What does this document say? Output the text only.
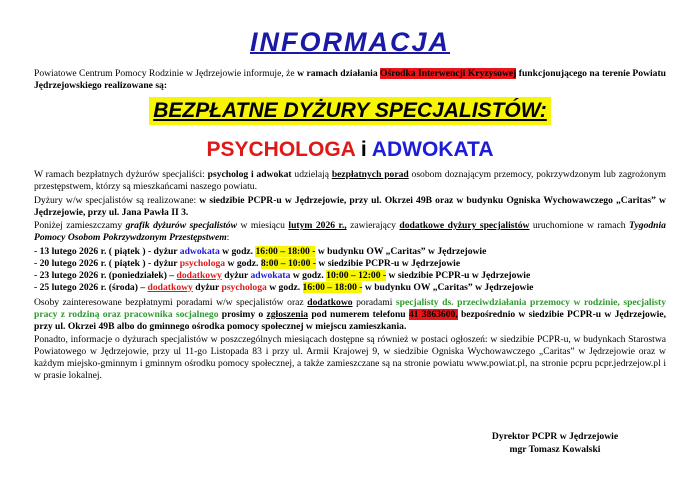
INFORMACJA
Powiatowe Centrum Pomocy Rodzinie w Jędrzejowie informuje, że w ramach działania Ośrodka Interwencji Kryzysowej funkcjonującego na terenie Powiatu Jędrzejowskiego realizowane są:
BEZPŁATNE DYŻURY SPECJALISTÓW:
PSYCHOLOGA i ADWOKATA
W ramach bezpłatnych dyżurów specjaliści: psycholog i adwokat udzielają bezpłatnych porad osobom doznającym przemocy, pokrzywdzonym lub zagrożonym przestępstwem, którzy są mieszkańcami naszego powiatu.
Dyżury w/w specjalistów są realizowane: w siedzibie PCPR-u w Jędrzejowie, przy ul. Okrzei 49B oraz w budynku Ogniska Wychowawczego „Caritas” w Jędrzejowie, przy ul. Jana Pawła II 3.
Poniżej zamieszczamy grafik dyżurów specjalistów w miesiącu lutym 2026 r., zawierający dodatkowe dyżury specjalistów uruchomione w ramach Tygodnia Pomocy Osobom Pokrzywdzonym Przestępstwem:
- 13 lutego 2026 r. ( piątek ) - dyżur adwokata w godz. 16:00 – 18:00 - w budynku OW „Caritas” w Jędrzejowie
- 20 lutego 2026 r. ( piątek ) - dyżur psychologa w godz. 8:00 – 10:00 - w siedzibie PCPR-u w Jędrzejowie
- 23 lutego 2026 r. (poniedziałek) – dodatkowy dyżur adwokata w godz. 10:00 – 12:00 - w siedzibie PCPR-u w Jędrzejowie
- 25 lutego 2026 r. (środa) – dodatkowy dyżur psychologa w godz. 16:00 – 18:00 - w budynku OW „Caritas” w Jędrzejowie
Osoby zainteresowane bezpłatnymi poradami w/w specjalistów oraz dodatkowo poradami specjalisty ds. przeciwdziałania przemocy w rodzinie, specjalisty pracy z rodziną oraz pracownika socjalnego prosimy o zgłoszenia pod numerem telefonu 41 3863600, bezpośrednio w siedzibie PCPR-u w Jędrzejowie, przy ul. Okrzei 49B albo do gminnego ośrodka pomocy społecznej w miejscu zamieszkania.
Ponadto, informacje o dyżurach specjalistów w poszczególnych miesiącach dostępne są również w postaci ogłoszeń: w siedzibie PCPR-u, w budynkach Starostwa Powiatowego w Jędrzejowie, przy ul 11-go Listopada 83 i przy ul. Armii Krajowej 9, w siedzibie Ogniska Wychowawczego „Caritas” w Jędrzejowie oraz w każdym miejsko-gminnym i gminnym ośrodku pomocy społecznej, a także zamieszczane są na stronie powiatu www.powiat.pl, na stronie pcpru pcpr.jedrzejow.pl i w prasie lokalnej.
Dyrektor PCPR w Jędrzejowie
mgr Tomasz Kowalski
